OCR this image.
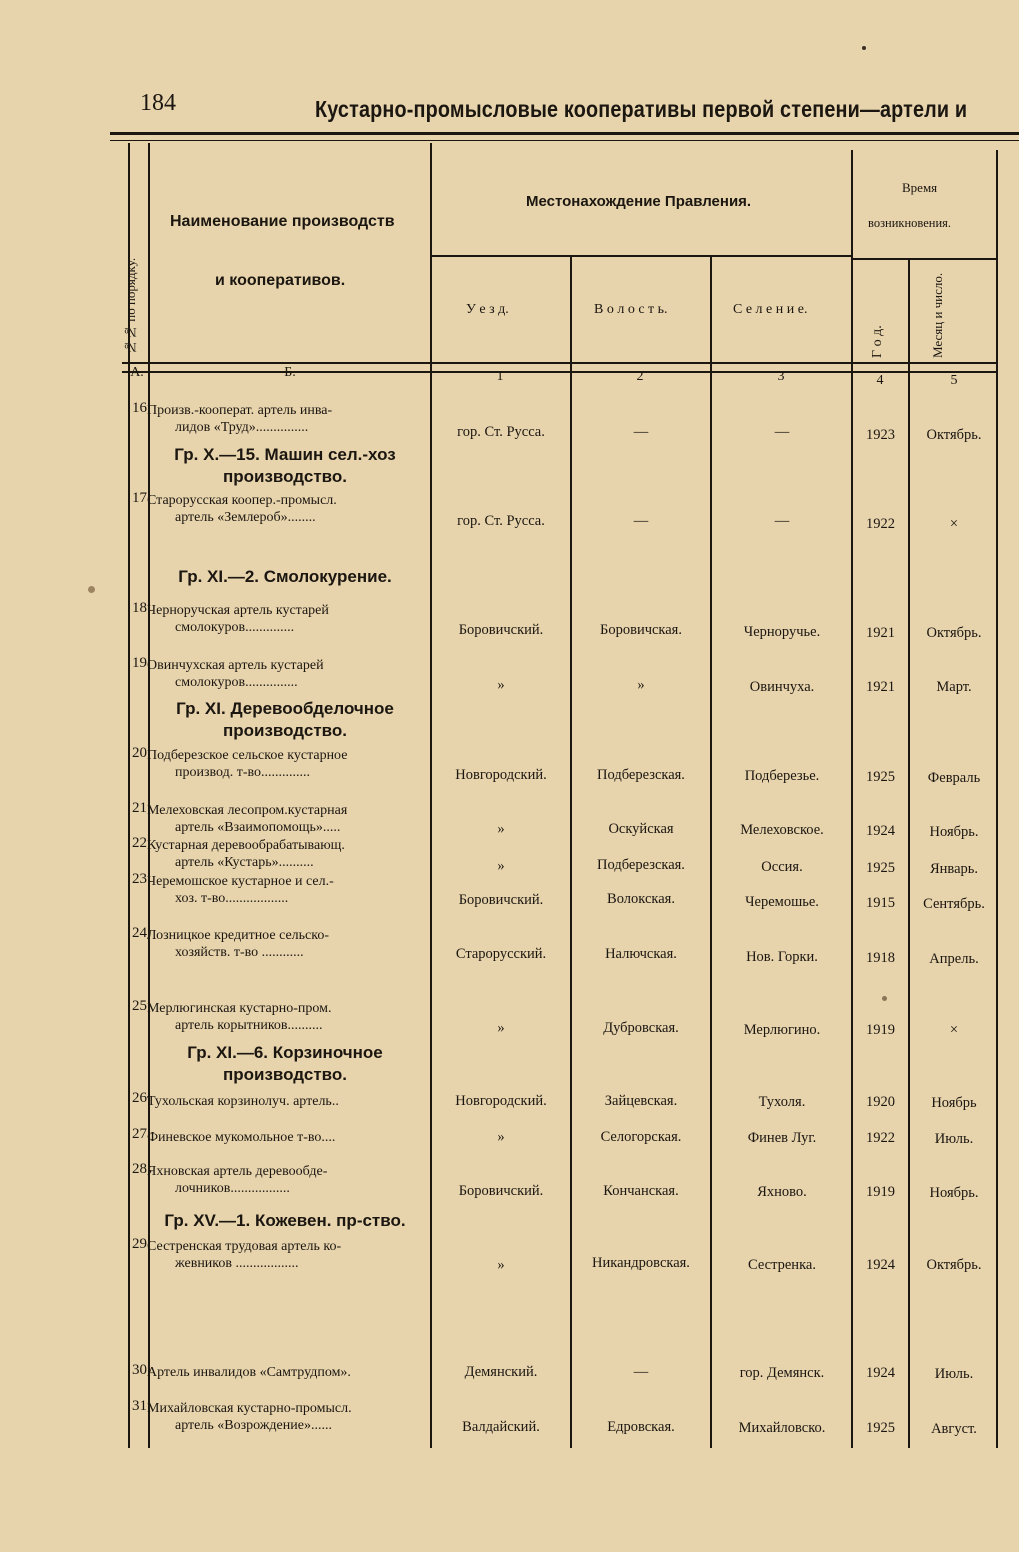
184	Кустарно-промысловые кооперативы первой степени—артели и
№№ по порядку.
Наименование производств
и кооперативов.
Местонахождение Правления.
У е з д.	В о л о с т ь.	С е л е н и е.
Время
возникновения.
Г о д.	Месяц и число.
А.	Б.	1	2	3	4	5
16 Произв.-кооперат. артель инва-
лидов «Труд»...............	гор. Ст. Русса.	—	—	1923	Октябрь.
Гр. X.—15. Машин сел.-хоз производство.
17 Старорусская коопер.-промысл.
артель «Землероб»........	гор. Ст. Русса.	—	—	1922	×
Гр. XI.—2. Смолокурение.
18 Черноручская артель кустарей
смолокуров..............	Боровичский.	Боровичская.	Черноручье.	1921	Октябрь.
19 Овинчухская артель кустарей
смолокуров...............	»	»	Овинчуха.	1921	Март.
Гр. XI. Деревообделочное производство.
20 Подберезское сельское кустарное
производ. т-во..............	Новгородский.	Подберезская.	Подберезье.	1925	Февраль
21 Мелеховская лесопром.кустарная
артель «Взаимопомощь».....	»	Оскуйская	Мелеховское.	1924	Ноябрь.
22 Кустарная деревообрабатывающ.
артель «Кустарь»..........	»	Подберезская.	Оссия.	1925	Январь.
23 Черемошское кустарное и сел.-
хоз. т-во..................	Боровичский.	Волокская.	Черемошье.	1915	Сентябрь.
24 Лозницкое кредитное сельско-
хозяйств. т-во ............	Старорусский.	Налючская.	Нов. Горки.	1918	Апрель.
25 Мерлюгинская кустарно-пром.
артель корытников..........	»	Дубровская.	Мерлюгино.	1919	×
Гр. XI.—6. Корзиночное производство.
26 Тухольская корзинолуч. артель..	Новгородский.	Зайцевская.	Тухоля.	1920	Ноябрь
27 Финевское мукомольное т-во....	»	Селогорская.	Финев Луг.	1922	Июль.
28 Яхновская артель деревообде-
лочников.................	Боровичский.	Кончанская.	Яхново.	1919	Ноябрь.
Гр. XV.—1. Кожевен. пр-ство.
29 Сестренская трудовая артель ко-
жевников ..................	»	Никандровская.	Сестренка.	1924	Октябрь.
30 Артель инвалидов «Самтрудпом».	Демянский.	—	гор. Демянск.	1924	Июль.
31 Михайловская кустарно-промысл.
артель «Возрождение»......	Валдайский.	Едровская.	Михайловско.	1925	Август.
